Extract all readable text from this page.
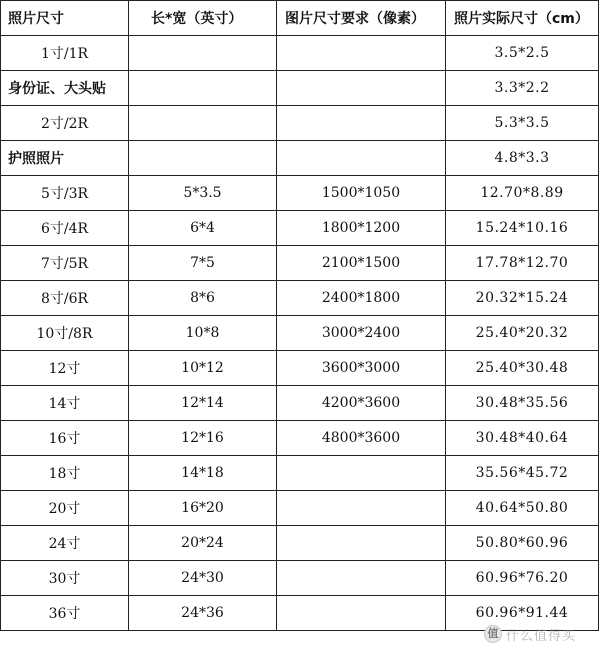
照片尺寸	长*宽（英寸）	图片尺寸要求（像素）	照片实际尺寸（cm）
1寸/1R			3.5*2.5
身份证、大头贴			3.3*2.2
2寸/2R			5.3*3.5
护照照片			4.8*3.3
5寸/3R	5*3.5	1500*1050	12.70*8.89
6寸/4R	6*4	1800*1200	15.24*10.16
7寸/5R	7*5	2100*1500	17.78*12.70
8寸/6R	8*6	2400*1800	20.32*15.24
10寸/8R	10*8	3000*2400	25.40*20.32
12寸	10*12	3600*3000	25.40*30.48
14寸	12*14	4200*3600	30.48*35.56
16寸	12*16	4800*3600	30.48*40.64
18寸	14*18		35.56*45.72
20寸	16*20		40.64*50.80
24寸	20*24		50.80*60.96
30寸	24*30		60.96*76.20
36寸	24*36		60.96*91.44
值 什么值得买
